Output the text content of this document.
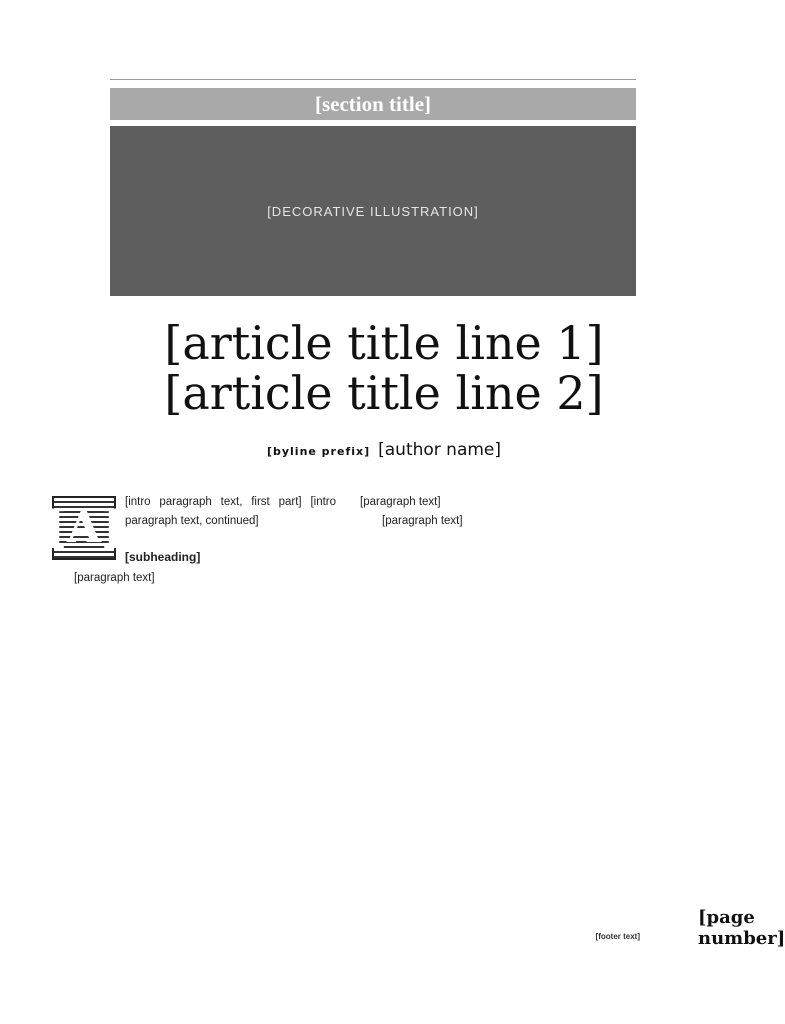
[section title]
[DECORATIVE ILLUSTRATION]
[article title line 1]
[article title line 2]
[byline prefix] [author name]

[A]
[intro paragraph text, first part] [intro paragraph text, continued]

[subheading]

[paragraph text]

[paragraph text]

[paragraph text]

[footer text]
[page number]
